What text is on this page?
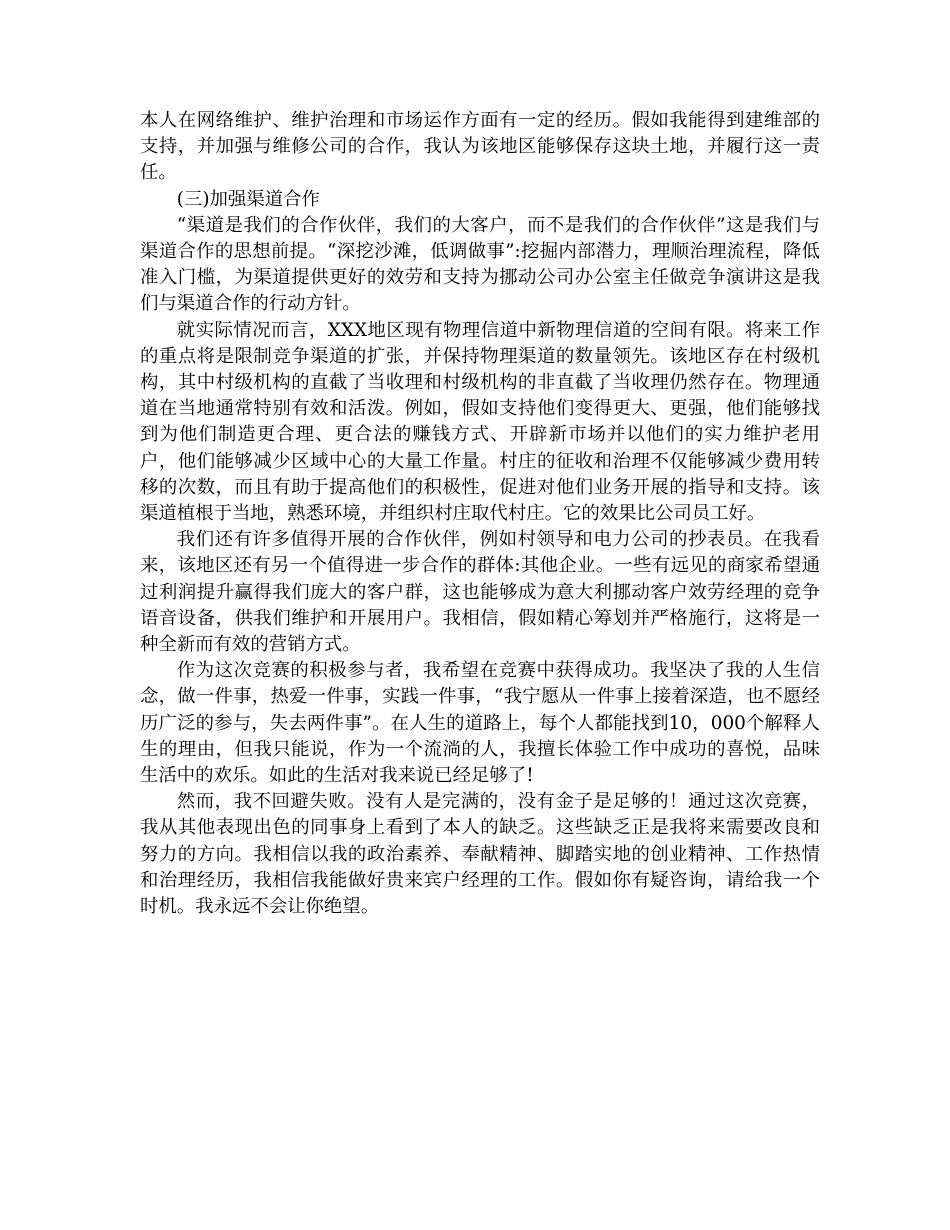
本人在网络维护、维护治理和市场运作方面有一定的经历。假如我能得到建维部的支持，并加强与维修公司的合作，我认为该地区能够保存这块土地，并履行这一责任。

(三)加强渠道合作

“渠道是我们的合作伙伴，我们的大客户，而不是我们的合作伙伴”这是我们与渠道合作的思想前提。“深挖沙滩，低调做事”:挖掘内部潜力，理顺治理流程，降低准入门槛，为渠道提供更好的效劳和支持为挪动公司办公室主任做竞争演讲这是我们与渠道合作的行动方针。

就实际情况而言，XXX地区现有物理信道中新物理信道的空间有限。将来工作的重点将是限制竞争渠道的扩张，并保持物理渠道的数量领先。该地区存在村级机构，其中村级机构的直截了当收理和村级机构的非直截了当收理仍然存在。物理通道在当地通常特别有效和活泼。例如，假如支持他们变得更大、更强，他们能够找到为他们制造更合理、更合法的赚钱方式、开辟新市场并以他们的实力维护老用户，他们能够减少区域中心的大量工作量。村庄的征收和治理不仅能够减少费用转移的次数，而且有助于提高他们的积极性，促进对他们业务开展的指导和支持。该渠道植根于当地，熟悉环境，并组织村庄取代村庄。它的效果比公司员工好。

我们还有许多值得开展的合作伙伴，例如村领导和电力公司的抄表员。在我看来，该地区还有另一个值得进一步合作的群体:其他企业。一些有远见的商家希望通过利润提升赢得我们庞大的客户群，这也能够成为意大利挪动客户效劳经理的竞争语音设备，供我们维护和开展用户。我相信，假如精心筹划并严格施行，这将是一种全新而有效的营销方式。

作为这次竞赛的积极参与者，我希望在竞赛中获得成功。我坚决了我的人生信念，做一件事，热爱一件事，实践一件事，“我宁愿从一件事上接着深造，也不愿经历广泛的参与，失去两件事”。在人生的道路上，每个人都能找到10，000个解释人生的理由，但我只能说，作为一个流淌的人，我擅长体验工作中成功的喜悦，品味生活中的欢乐。如此的生活对我来说已经足够了!

然而，我不回避失败。没有人是完满的，没有金子是足够的！通过这次竞赛，我从其他表现出色的同事身上看到了本人的缺乏。这些缺乏正是我将来需要改良和努力的方向。我相信以我的政治素养、奉献精神、脚踏实地的创业精神、工作热情和治理经历，我相信我能做好贵来宾户经理的工作。假如你有疑咨询，请给我一个时机。我永远不会让你绝望。
